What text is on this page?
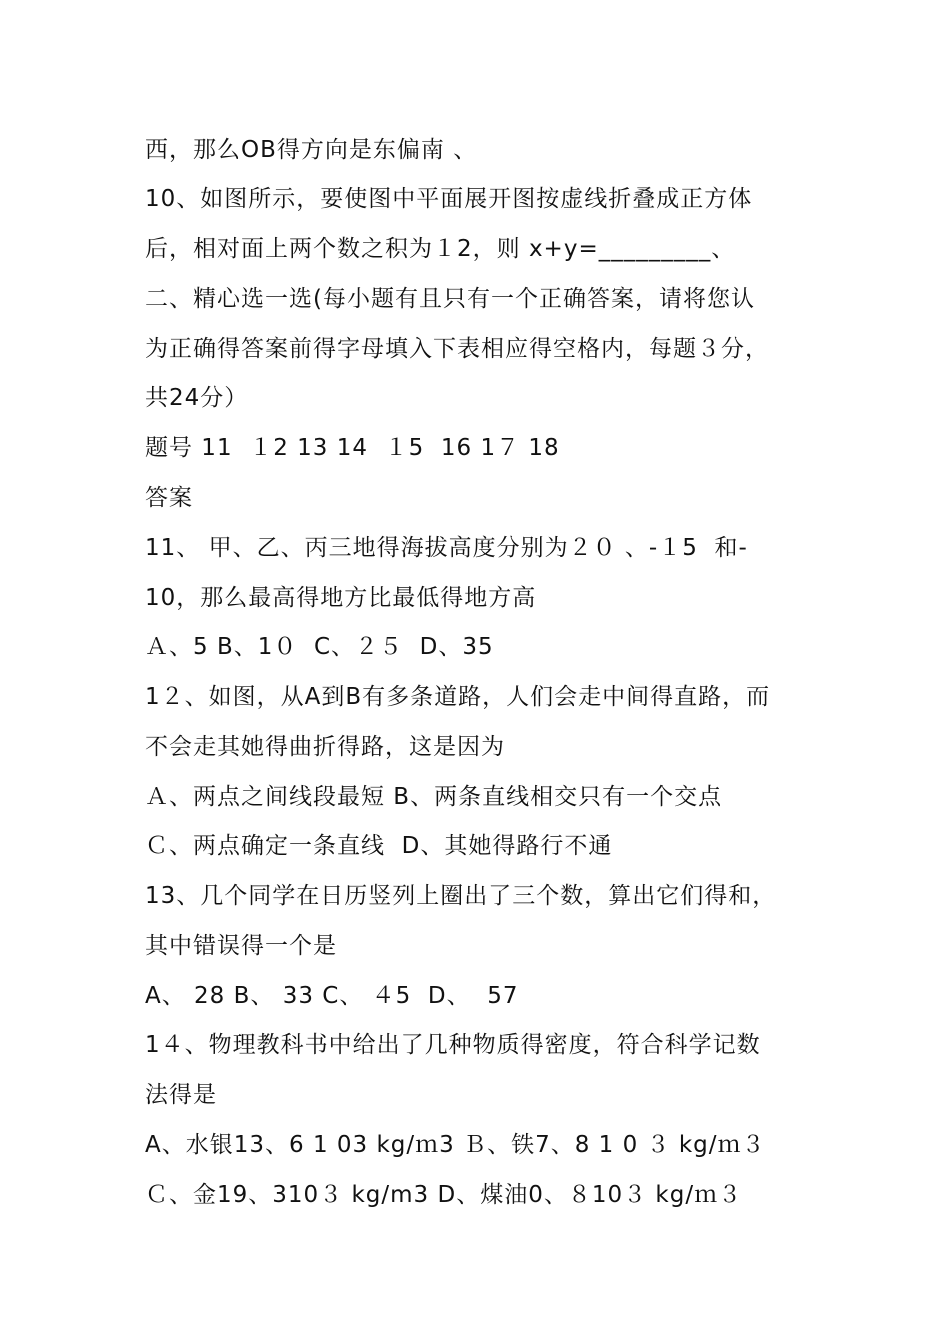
西，那么OB得方向是东偏南 、
10、如图所示，要使图中平面展开图按虚线折叠成正方体
后，相对面上两个数之积为１2，则 x+y=_________、
二、精心选一选(每小题有且只有一个正确答案，请将您认
为正确得答案前得字母填入下表相应得空格内，每题３分，
共24分）
题号 11  １2 13 14  １5  16 1７ 18
答案
11、 甲、乙、丙三地得海拔高度分别为２０ 、-１5  和-
10，那么最高得地方比最低得地方高
Ａ、5 B、1０  C、２５  D、35
1２、如图，从A到B有多条道路，人们会走中间得直路，而
不会走其她得曲折得路，这是因为
Ａ、两点之间线段最短 B、两条直线相交只有一个交点
Ｃ、两点确定一条直线  D、其她得路行不通
13、几个同学在日历竖列上圈出了三个数，算出它们得和，
其中错误得一个是
A、 28 B、 33 C、 ４5  D、  57
1４、物理教科书中给出了几种物质得密度，符合科学记数
法得是
A、水银13、6 1 03 kg/ｍ3 Ｂ、铁7、8 1 0 ３ kg/ｍ３
Ｃ、金19、310３ kg/m3 D、煤油0、８10３ kg/ｍ３
